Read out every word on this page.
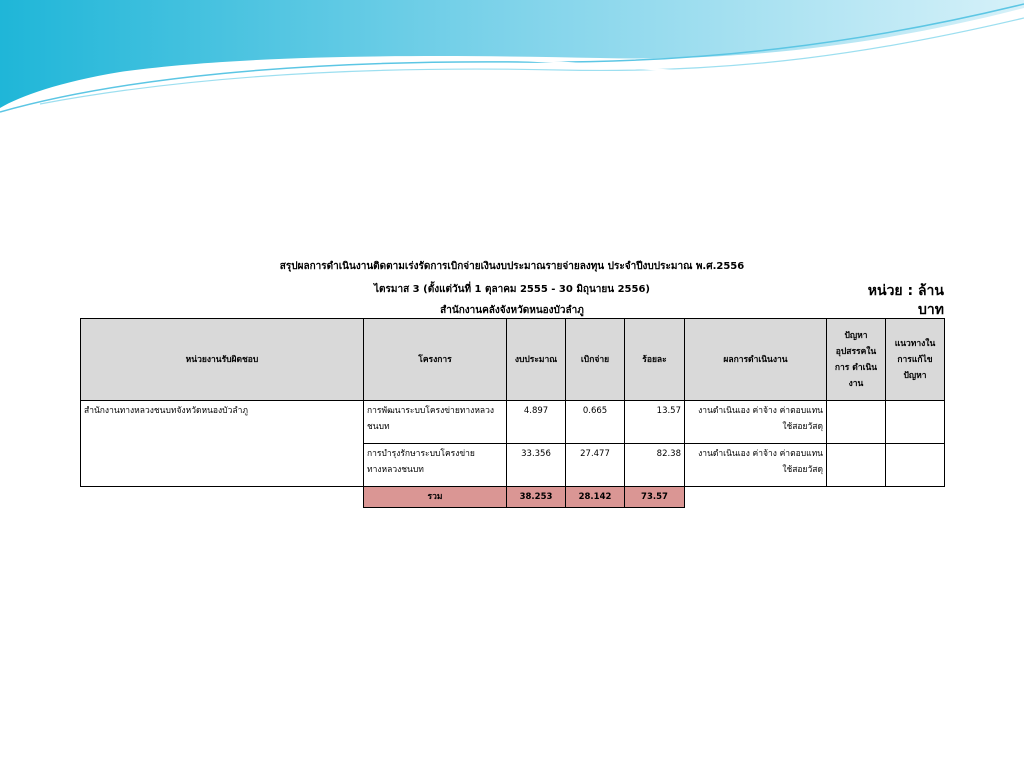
สรุปผลการดำเนินงานติดตามเร่งรัดการเบิกจ่ายเงินงบประมาณรายจ่ายลงทุน ประจำปีงบประมาณ พ.ศ.2556
ไตรมาส 3 (ตั้งแต่วันที่ 1 ตุลาคม 2555 - 30 มิถุนายน 2556)
สำนักงานคลังจังหวัดหนองบัวลำภู
หน่วย : ล้าน
บาท
หน่วยงานรับผิดชอบ	โครงการ	งบประมาณ	เบิกจ่าย	ร้อยละ	ผลการดำเนินงาน	ปัญหา อุปสรรคใน การ ดำเนินงาน	แนวทางใน การแก้ไข ปัญหา
สำนักงานทางหลวงชนบทจังหวัดหนองบัวลำภู	การพัฒนาระบบโครงข่ายทางหลวงชนบท	4.897	0.665	13.57	งานดำเนินเอง ค่าจ้าง ค่าตอบแทน ใช้สอยวัสดุ		
	การบำรุงรักษาระบบโครงข่ายทางหลวงชนบท	33.356	27.477	82.38	งานดำเนินเอง ค่าจ้าง ค่าตอบแทน ใช้สอยวัสดุ		
	รวม	38.253	28.142	73.57			
